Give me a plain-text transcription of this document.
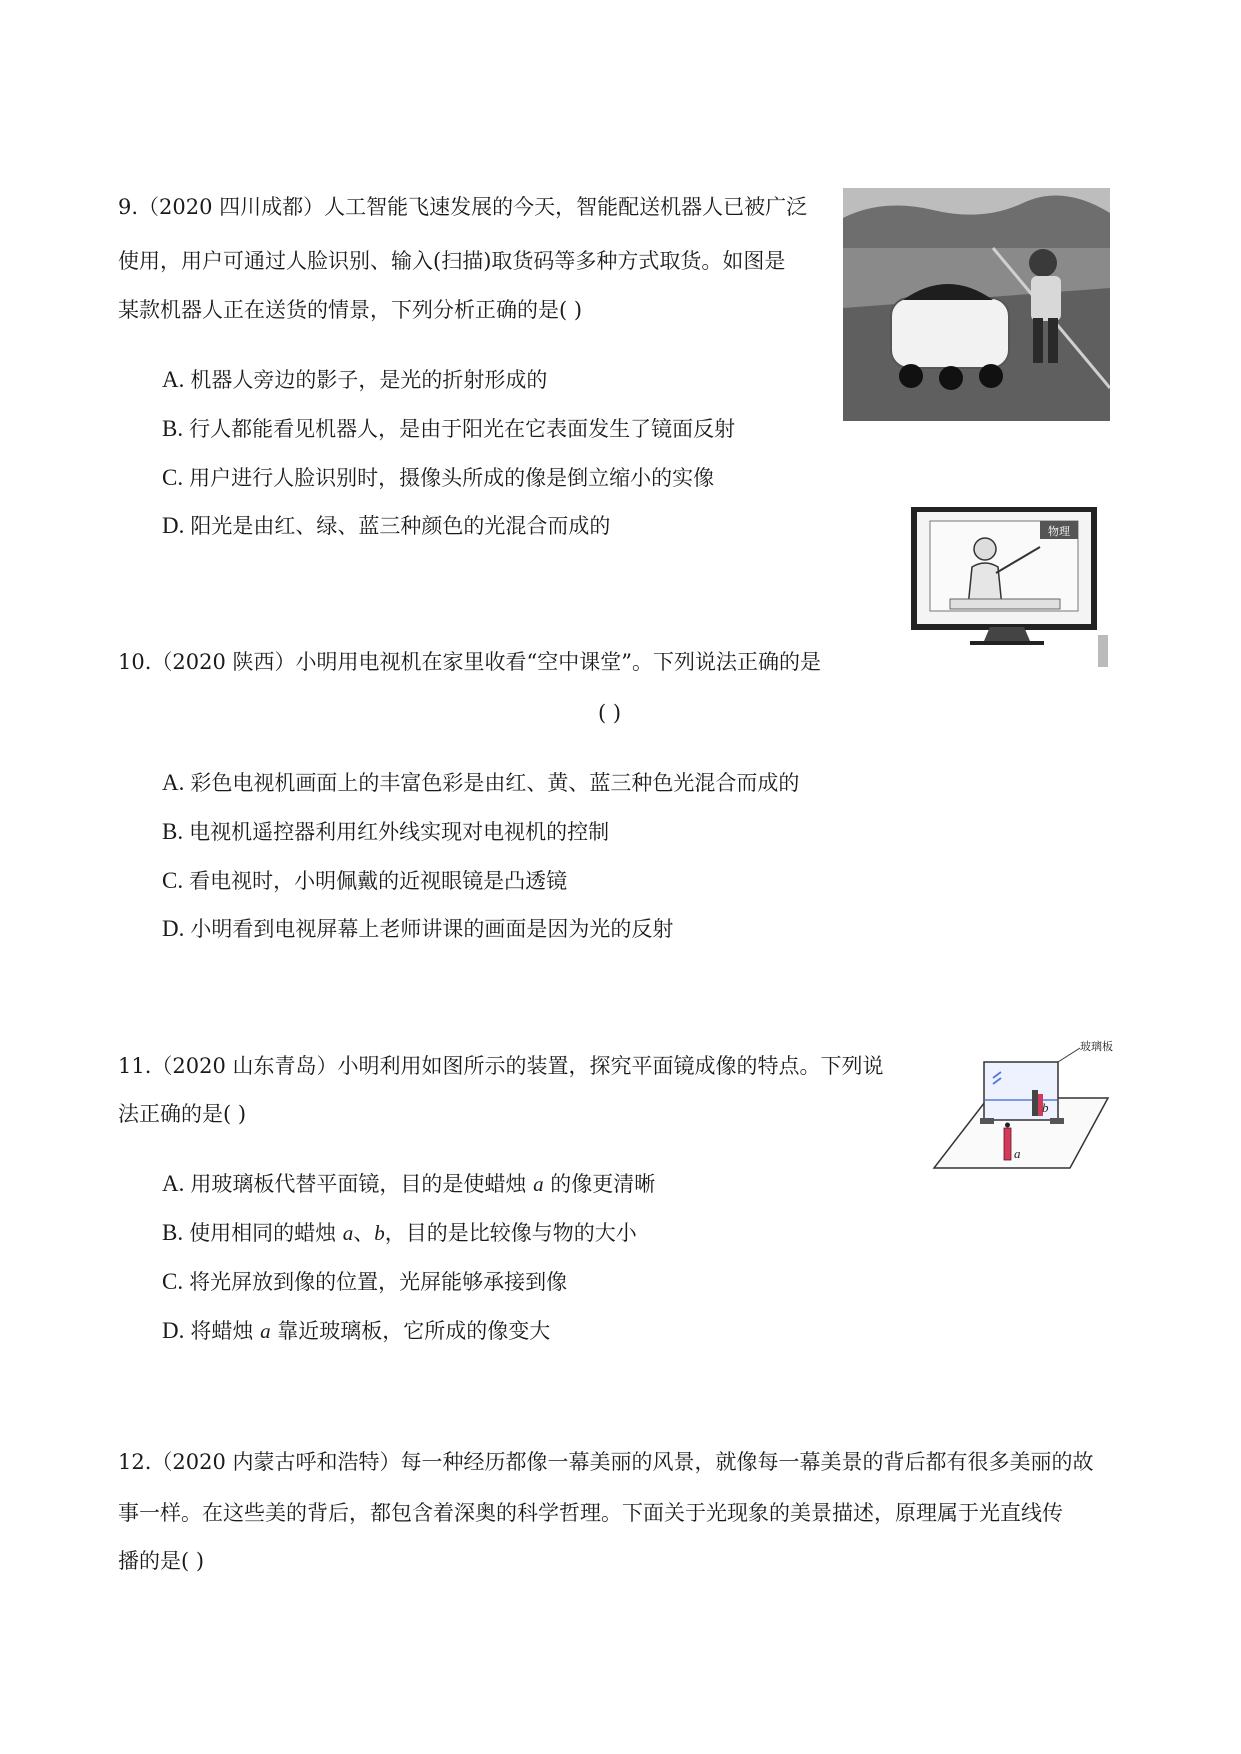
9.（2020 四川成都）人工智能飞速发展的今天，智能配送机器人已被广泛
使用，用户可通过人脸识别、输入(扫描)取货码等多种方式取货。如图是
某款机器人正在送货的情景，下列分析正确的是( )
A. 机器人旁边的影子，是光的折射形成的
B. 行人都能看见机器人，是由于阳光在它表面发生了镜面反射
C. 用户进行人脸识别时，摄像头所成的像是倒立缩小的实像
D. 阳光是由红、绿、蓝三种颜色的光混合而成的	物理
10.（2020 陕西）小明用电视机在家里收看“空中课堂”。下列说法正确的是
( )
A. 彩色电视机画面上的丰富色彩是由红、黄、蓝三种色光混合而成的
B. 电视机遥控器利用红外线实现对电视机的控制
C. 看电视时，小明佩戴的近视眼镜是凸透镜
D. 小明看到电视屏幕上老师讲课的画面是因为光的反射
11.（2020 山东青岛）小明利用如图所示的装置，探究平面镜成像的特点。下列说
法正确的是( )
玻璃板
b
a
A. 用玻璃板代替平面镜，目的是使蜡烛 a 的像更清晰
B. 使用相同的蜡烛 a、b，目的是比较像与物的大小
C. 将光屏放到像的位置，光屏能够承接到像
D. 将蜡烛 a 靠近玻璃板，它所成的像变大
12.（2020 内蒙古呼和浩特）每一种经历都像一幕美丽的风景，就像每一幕美景的背后都有很多美丽的故
事一样。在这些美的背后，都包含着深奥的科学哲理。下面关于光现象的美景描述，原理属于光直线传
播的是( )
